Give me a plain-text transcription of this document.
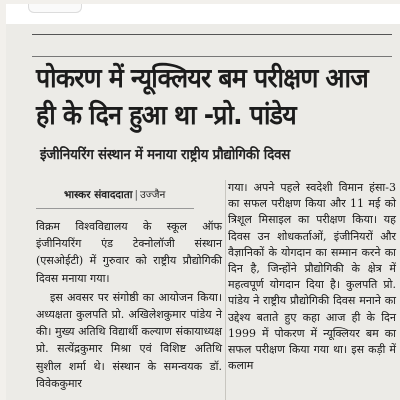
पोकरण में न्यूक्लियर बम परीक्षण आज ही के दिन हुआ था -प्रो. पांडेय
इंजीनियरिंग संस्थान में मनाया राष्ट्रीय प्रौद्योगिकी दिवस
भास्कर संवाददाता | उज्जैन

विक्रम विश्वविद्यालय के स्कूल ऑफ इंजीनियरिंग एंड टेक्नोलॉजी संस्थान (एसओईटी) में गुरुवार को राष्ट्रीय प्रौद्योगिकी दिवस मनाया गया।

इस अवसर पर संगोष्ठी का आयोजन किया। अध्यक्षता कुलपति प्रो. अखिलेशकुमार पांडेय ने की। मुख्य अतिथि विद्यार्थी कल्याण संकायाध्यक्ष प्रो. सत्येंद्रकुमार मिश्रा एवं विशिष्ट अतिथि सुशील शर्मा थे। संस्थान के समन्वयक डॉ. विवेककुमार

गया। अपने पहले स्वदेशी विमान हंसा-3 का सफल परीक्षण किया और 11 मई को त्रिशूल मिसाइल का परीक्षण किया। यह दिवस उन शोधकर्ताओं, इंजीनियरों और वैज्ञानिकों के योगदान का सम्मान करने का दिन है, जिन्होंने प्रौद्योगिकी के क्षेत्र में महत्वपूर्ण योगदान दिया है। कुलपति प्रो. पांडेय ने राष्ट्रीय प्रौद्योगिकी दिवस मनाने का उद्देश्य बताते हुए कहा आज ही के दिन 1999 में पोकरण में न्यूक्लियर बम का सफल परीक्षण किया गया था। इस कड़ी में कलाम
